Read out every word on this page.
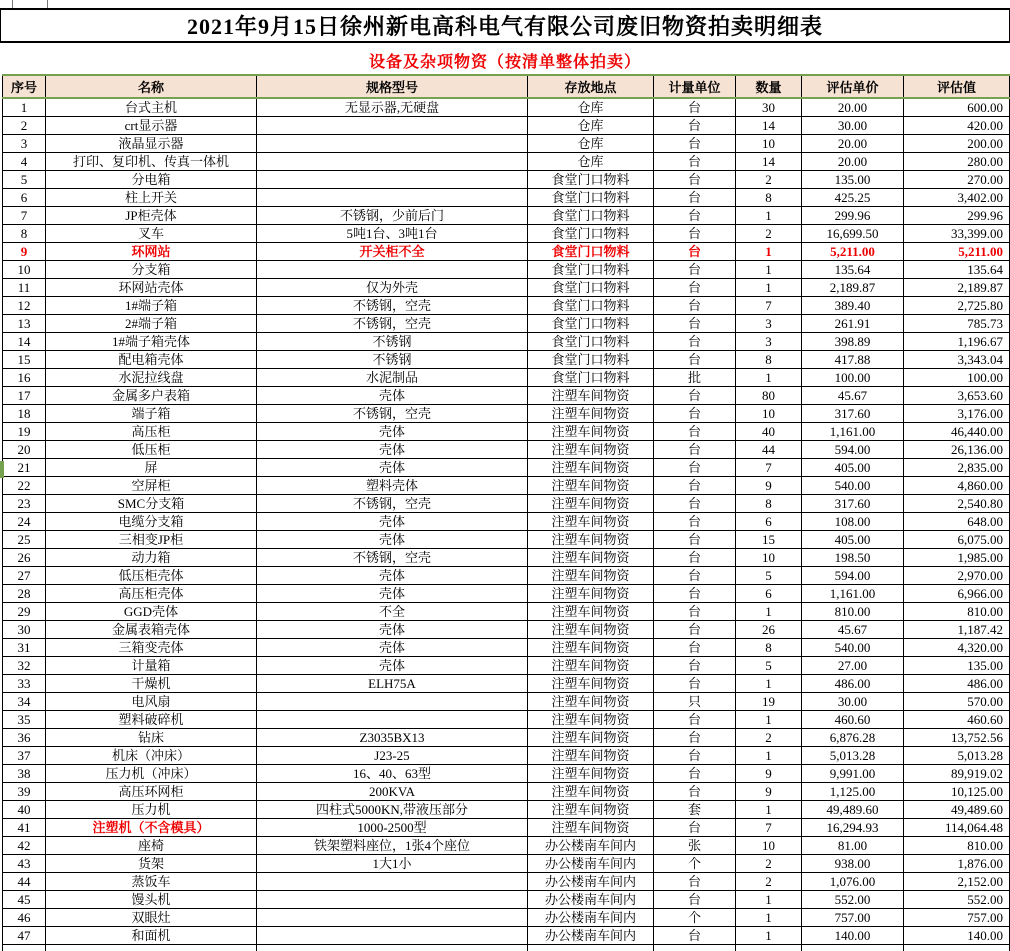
2021年9月15日徐州新电高科电气有限公司废旧物资拍卖明细表
设备及杂项物资（按清单整体拍卖）
序号	名称	规格型号	存放地点	计量单位	数量	评估单价	评估值
1	台式主机	无显示器,无硬盘	仓库	台	30	20.00	600.00
2	crt显示器		仓库	台	14	30.00	420.00
3	液晶显示器		仓库	台	10	20.00	200.00
4	打印、复印机、传真一体机		仓库	台	14	20.00	280.00
5	分电箱		食堂门口物料	台	2	135.00	270.00
6	柱上开关		食堂门口物料	台	8	425.25	3,402.00
7	JP柜壳体	不锈钢，少前后门	食堂门口物料	台	1	299.96	299.96
8	叉车	5吨1台、3吨1台	食堂门口物料	台	2	16,699.50	33,399.00
9	环网站	开关柜不全	食堂门口物料	台	1	5,211.00	5,211.00
10	分支箱		食堂门口物料	台	1	135.64	135.64
11	环网站壳体	仅为外壳	食堂门口物料	台	1	2,189.87	2,189.87
12	1#端子箱	不锈钢，空壳	食堂门口物料	台	7	389.40	2,725.80
13	2#端子箱	不锈钢，空壳	食堂门口物料	台	3	261.91	785.73
14	1#端子箱壳体	不锈钢	食堂门口物料	台	3	398.89	1,196.67
15	配电箱壳体	不锈钢	食堂门口物料	台	8	417.88	3,343.04
16	水泥拉线盘	水泥制品	食堂门口物料	批	1	100.00	100.00
17	金属多户表箱	壳体	注塑车间物资	台	80	45.67	3,653.60
18	端子箱	不锈钢，空壳	注塑车间物资	台	10	317.60	3,176.00
19	高压柜	壳体	注塑车间物资	台	40	1,161.00	46,440.00
20	低压柜	壳体	注塑车间物资	台	44	594.00	26,136.00
21	屏	壳体	注塑车间物资	台	7	405.00	2,835.00
22	空屏柜	塑料壳体	注塑车间物资	台	9	540.00	4,860.00
23	SMC分支箱	不锈钢，空壳	注塑车间物资	台	8	317.60	2,540.80
24	电缆分支箱	壳体	注塑车间物资	台	6	108.00	648.00
25	三相变JP柜	壳体	注塑车间物资	台	15	405.00	6,075.00
26	动力箱	不锈钢，空壳	注塑车间物资	台	10	198.50	1,985.00
27	低压柜壳体	壳体	注塑车间物资	台	5	594.00	2,970.00
28	高压柜壳体	壳体	注塑车间物资	台	6	1,161.00	6,966.00
29	GGD壳体	不全	注塑车间物资	台	1	810.00	810.00
30	金属表箱壳体	壳体	注塑车间物资	台	26	45.67	1,187.42
31	三箱变壳体	壳体	注塑车间物资	台	8	540.00	4,320.00
32	计量箱	壳体	注塑车间物资	台	5	27.00	135.00
33	干燥机	ELH75A	注塑车间物资	台	1	486.00	486.00
34	电风扇		注塑车间物资	只	19	30.00	570.00
35	塑料破碎机		注塑车间物资	台	1	460.60	460.60
36	钻床	Z3035BX13	注塑车间物资	台	2	6,876.28	13,752.56
37	机床（冲床）	J23-25	注塑车间物资	台	1	5,013.28	5,013.28
38	压力机（冲床）	16、40、63型	注塑车间物资	台	9	9,991.00	89,919.02
39	高压环网柜	200KVA	注塑车间物资	台	9	1,125.00	10,125.00
40	压力机	四柱式5000KN,带液压部分	注塑车间物资	套	1	49,489.60	49,489.60
41	注塑机（不含模具）	1000-2500型	注塑车间物资	台	7	16,294.93	114,064.48
42	座椅	铁架塑料座位，1张4个座位	办公楼南车间内	张	10	81.00	810.00
43	货架	1大1小	办公楼南车间内	个	2	938.00	1,876.00
44	蒸饭车		办公楼南车间内	台	2	1,076.00	2,152.00
45	馒头机		办公楼南车间内	台	1	552.00	552.00
46	双眼灶		办公楼南车间内	个	1	757.00	757.00
47	和面机		办公楼南车间内	台	1	140.00	140.00
